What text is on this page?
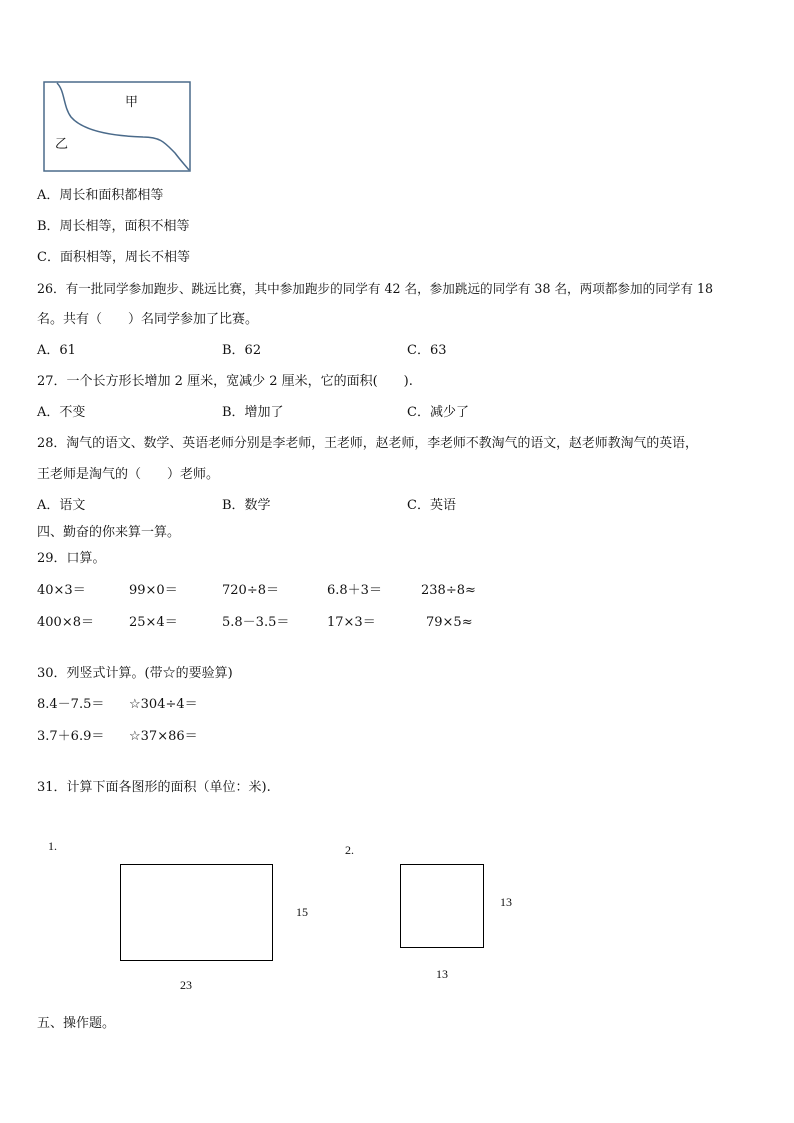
甲
乙
A．周长和面积都相等
B．周长相等，面积不相等
C．面积相等，周长不相等
26．有一批同学参加跑步、跳远比赛，其中参加跑步的同学有 42 名，参加跳远的同学有 38 名，两项都参加的同学有 18
名。共有（　　）名同学参加了比赛。
A．61	B．62	C．63
27．一个长方形长增加 2 厘米，宽减少 2 厘米，它的面积(　　).
A．不变	B．增加了	C．减少了
28．淘气的语文、数学、英语老师分别是李老师，王老师，赵老师，李老师不教淘气的语文，赵老师教淘气的英语，
王老师是淘气的（　　）老师。
A．语文	B．数学	C．英语
四、勤奋的你来算一算。
29．口算。
40×3＝	99×0＝	720÷8＝	6.8＋3＝	238÷8≈
400×8＝	25×4＝	5.8－3.5＝	17×3＝	79×5≈
30．列竖式计算。(带☆的要验算)
8.4－7.5＝ ☆304÷4＝
3.7＋6.9＝ ☆37×86＝
31．计算下面各图形的面积（单位：米).
1.
15
23
2.
13
13
五、操作题。
